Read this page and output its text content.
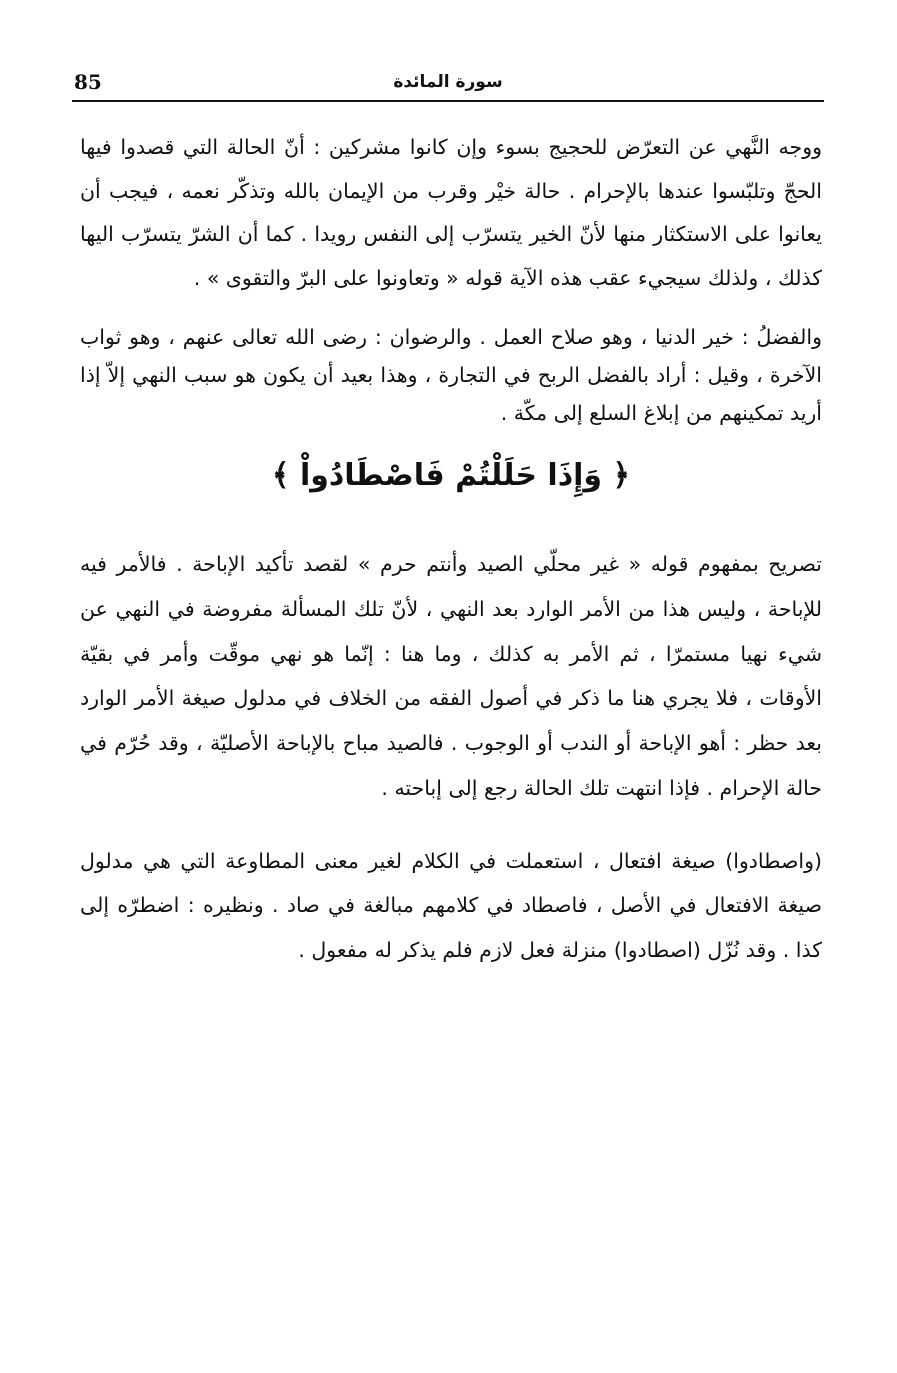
85	سورة المائدة

ووجه النَّهي عن التعرّض للحجيج بسوء وإن كانوا مشركين : أنّ الحالة التي قصدوا فيها الحجّ وتلبّسوا عندها بالإحرام . حالة خيْر وقرب من الإيمان بالله وتذكّر نعمه ، فيجب أن يعانوا على الاستكثار منها لأنّ الخير يتسرّب إلى النفس رويدا . كما أن الشرّ يتسرّب اليها كذلك ، ولذلك سيجيء عقب هذه الآية قوله « وتعاونوا على البرّ والتقوى » .

والفضلُ : خير الدنيا ، وهو صلاح العمل . والرضوان : رضى الله تعالى عنهم ، وهو ثواب الآخرة ، وقيل : أراد بالفضل الربح في التجارة ، وهذا بعيد أن يكون هو سبب النهي إلاّ إذا أريد تمكينهم من إبلاغ السلع إلى مكّة .

﴿ وَإِذَا حَلَلْتُمْ فَاصْطَادُواْ ﴾

تصريح بمفهوم قوله « غير محلّي الصيد وأنتم حرم » لقصد تأكيد الإباحة . فالأمر فيه للإباحة ، وليس هذا من الأمر الوارد بعد النهي ، لأنّ تلك المسألة مفروضة في النهي عن شيء نهيا مستمرّا ، ثم الأمر به كذلك ، وما هنا : إنّما هو نهي موقّت وأمر في بقيّة الأوقات ، فلا يجري هنا ما ذكر في أصول الفقه من الخلاف في مدلول صيغة الأمر الوارد بعد حظر : أهو الإباحة أو الندب أو الوجوب . فالصيد مباح بالإباحة الأصليّة ، وقد حُرّم في حالة الإحرام . فإذا انتهت تلك الحالة رجع إلى إباحته .

(واصطادوا) صيغة افتعال ، استعملت في الكلام لغير معنى المطاوعة التي هي مدلول صيغة الافتعال في الأصل ، فاصطاد في كلامهم مبالغة في صاد . ونظيره : اضطرّه إلى كذا . وقد نُزّل (اصطادوا) منزلة فعل لازم فلم يذكر له مفعول .
